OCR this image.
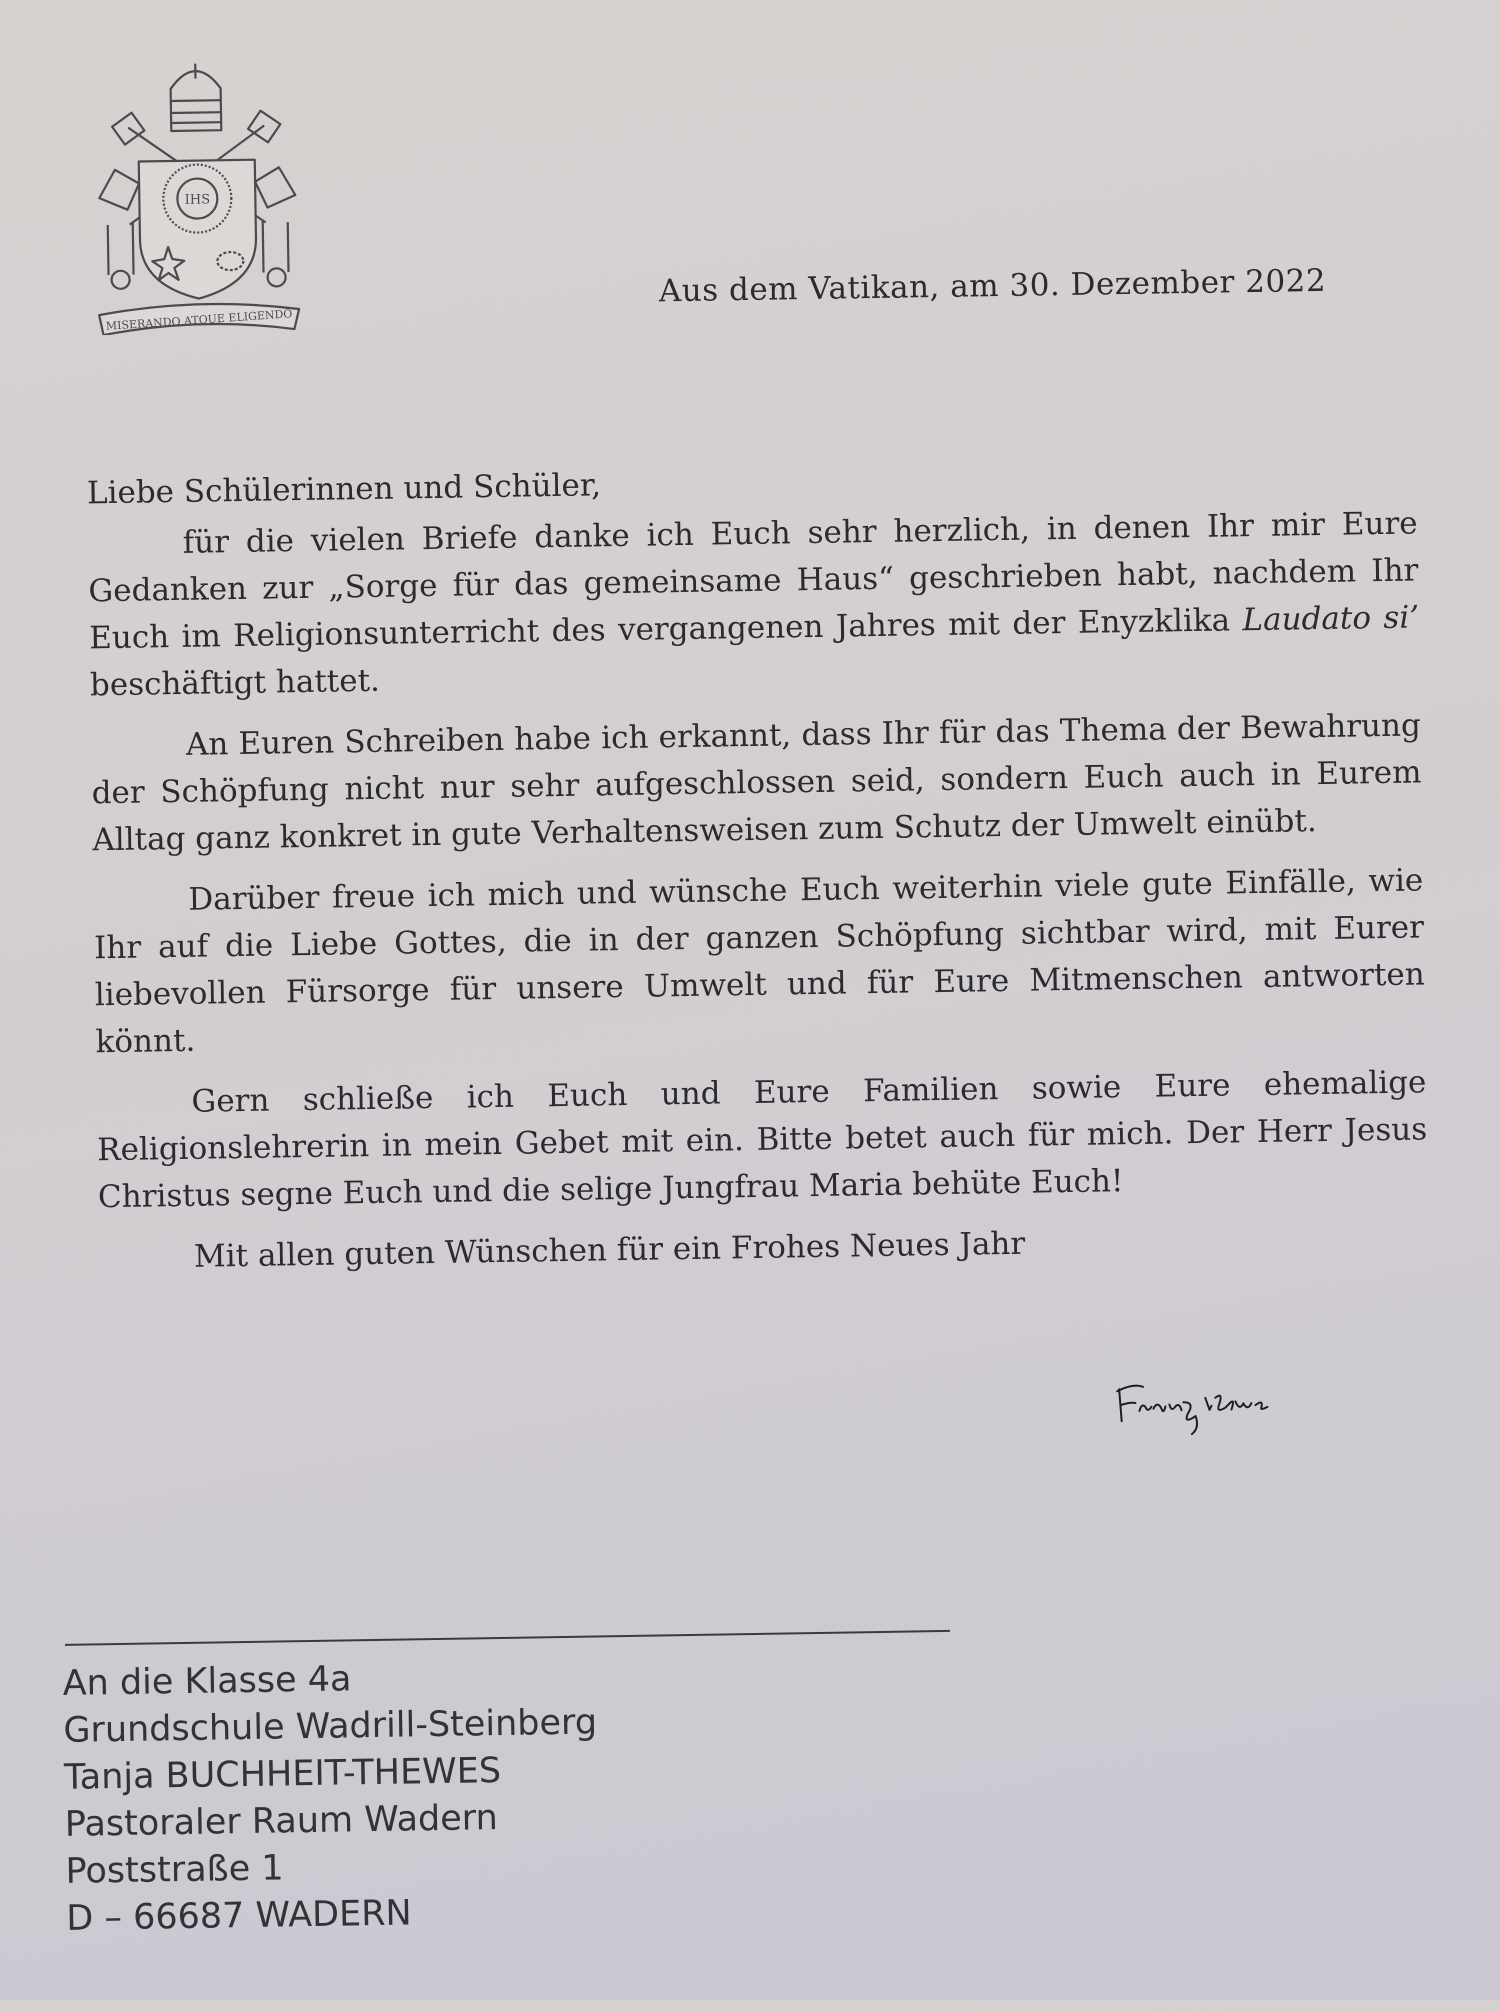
IHS
MISERANDO ATQUE ELIGENDO
Aus dem Vatikan, am 30. Dezember 2022

Liebe Schülerinnen und Schüler,

für die vielen Briefe danke ich Euch sehr herzlich, in denen Ihr mir Eure Gedanken zur „Sorge für das gemeinsame Haus“ geschrieben habt, nachdem Ihr Euch im Religionsunterricht des vergangenen Jahres mit der Enyzklika Laudato si’ beschäftigt hattet.

An Euren Schreiben habe ich erkannt, dass Ihr für das Thema der Bewahrung der Schöpfung nicht nur sehr aufgeschlossen seid, sondern Euch auch in Eurem Alltag ganz konkret in gute Verhaltensweisen zum Schutz der Umwelt einübt.

Darüber freue ich mich und wünsche Euch weiterhin viele gute Einfälle, wie Ihr auf die Liebe Gottes, die in der ganzen Schöpfung sichtbar wird, mit Eurer liebevollen Fürsorge für unsere Umwelt und für Eure Mitmenschen antworten könnt.

Gern schließe ich Euch und Eure Familien sowie Eure ehemalige Religionslehrerin in mein Gebet mit ein. Bitte betet auch für mich. Der Herr Jesus Christus segne Euch und die selige Jungfrau Maria behüte Euch!

Mit allen guten Wünschen für ein Frohes Neues Jahr

An die Klasse 4a
Grundschule Wadrill-Steinberg
Tanja BUCHHEIT-THEWES
Pastoraler Raum Wadern
Poststraße 1
D – 66687 WADERN
